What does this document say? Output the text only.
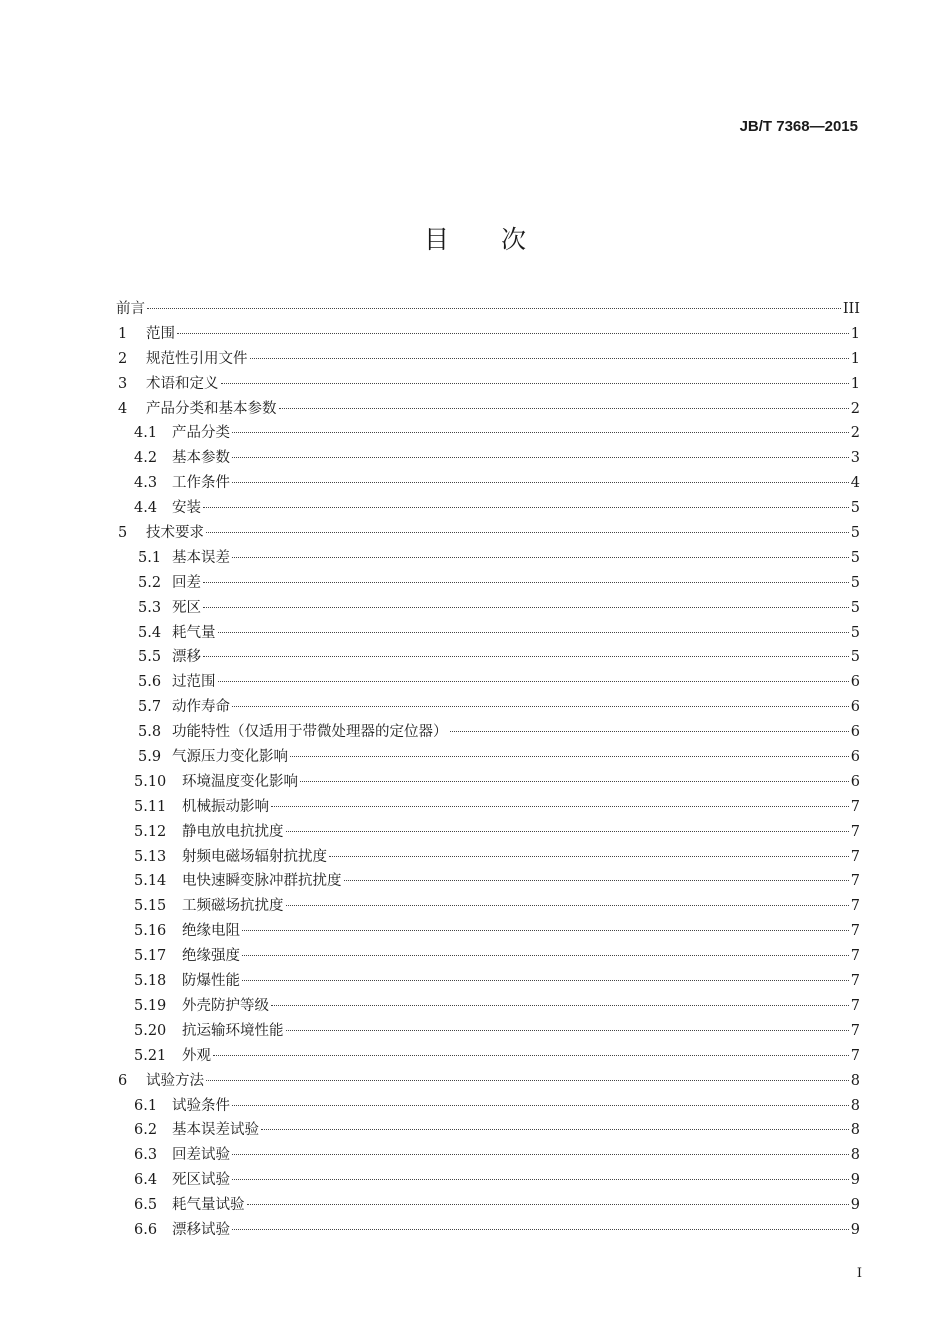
JB/T 7368—2015
目 次
前言	III
1	范围	1
2	规范性引用文件	1
3	术语和定义	1
4	产品分类和基本参数	2
4.1	产品分类	2
4.2	基本参数	3
4.3	工作条件	4
4.4	安装	5
5	技术要求	5
5.1 基本误差	5
5.2 回差	5
5.3 死区	5
5.4 耗气量	5
5.5 漂移	5
5.6 过范围	6
5.7 动作寿命	6
5.8 功能特性（仅适用于带微处理器的定位器）	6
5.9 气源压力变化影响	6
5.10	环境温度变化影响	6
5.11	机械振动影响	7
5.12	静电放电抗扰度	7
5.13	射频电磁场辐射抗扰度	7
5.14	电快速瞬变脉冲群抗扰度	7
5.15	工频磁场抗扰度	7
5.16	绝缘电阻	7
5.17	绝缘强度	7
5.18	防爆性能	7
5.19	外壳防护等级	7
5.20	抗运输环境性能	7
5.21	外观	7
6	试验方法	8
6.1	试验条件	8
6.2	基本误差试验	8
6.3	回差试验	8
6.4	死区试验	9
6.5	耗气量试验	9
6.6	漂移试验	9
I
